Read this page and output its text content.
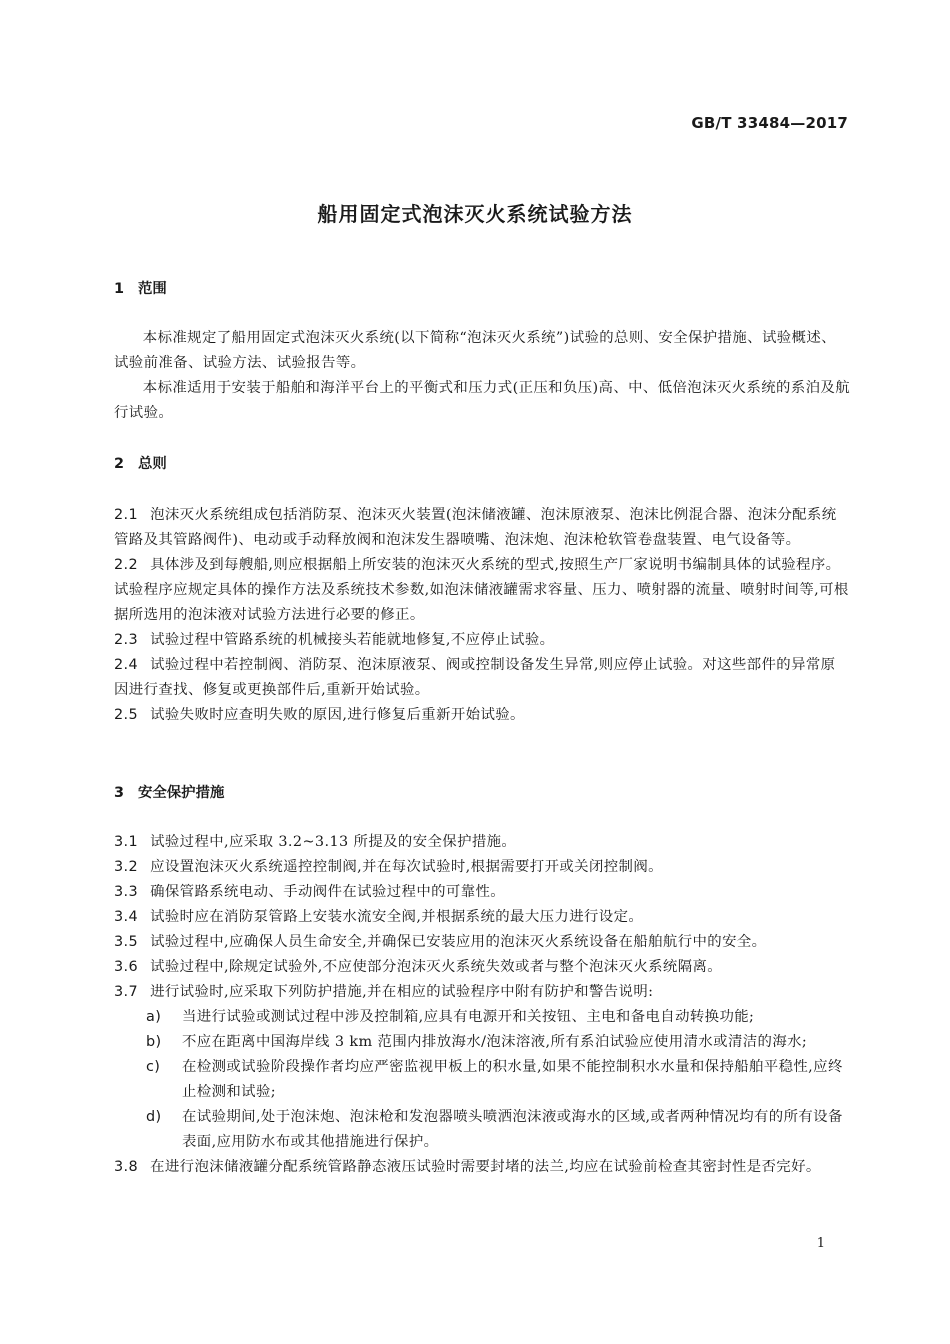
GB/T 33484—2017
船用固定式泡沫灭火系统试验方法
1 范围

本标准规定了船用固定式泡沫灭火系统(以下简称“泡沫灭火系统”)试验的总则、安全保护措施、试验概述、试验前准备、试验方法、试验报告等。

本标准适用于安装于船舶和海洋平台上的平衡式和压力式(正压和负压)高、中、低倍泡沫灭火系统的系泊及航行试验。

2 总则

2.1 泡沫灭火系统组成包括消防泵、泡沫灭火装置(泡沫储液罐、泡沫原液泵、泡沫比例混合器、泡沫分配系统管路及其管路阀件)、电动或手动释放阀和泡沫发生器喷嘴、泡沫炮、泡沫枪软管卷盘装置、电气设备等。

2.2 具体涉及到每艘船,则应根据船上所安装的泡沫灭火系统的型式,按照生产厂家说明书编制具体的试验程序。试验程序应规定具体的操作方法及系统技术参数,如泡沫储液罐需求容量、压力、喷射器的流量、喷射时间等,可根据所选用的泡沫液对试验方法进行必要的修正。

2.3 试验过程中管路系统的机械接头若能就地修复,不应停止试验。

2.4 试验过程中若控制阀、消防泵、泡沫原液泵、阀或控制设备发生异常,则应停止试验。对这些部件的异常原因进行查找、修复或更换部件后,重新开始试验。

2.5 试验失败时应查明失败的原因,进行修复后重新开始试验。

3 安全保护措施

3.1 试验过程中,应采取 3.2~3.13 所提及的安全保护措施。

3.2 应设置泡沫灭火系统遥控控制阀,并在每次试验时,根据需要打开或关闭控制阀。

3.3 确保管路系统电动、手动阀件在试验过程中的可靠性。

3.4 试验时应在消防泵管路上安装水流安全阀,并根据系统的最大压力进行设定。

3.5 试验过程中,应确保人员生命安全,并确保已安装应用的泡沫灭火系统设备在船舶航行中的安全。

3.6 试验过程中,除规定试验外,不应使部分泡沫灭火系统失效或者与整个泡沫灭火系统隔离。

3.7 进行试验时,应采取下列防护措施,并在相应的试验程序中附有防护和警告说明:

a) 当进行试验或测试过程中涉及控制箱,应具有电源开和关按钮、主电和备电自动转换功能;

b) 不应在距离中国海岸线 3 km 范围内排放海水/泡沫溶液,所有系泊试验应使用清水或清洁的海水;

c) 在检测或试验阶段操作者均应严密监视甲板上的积水量,如果不能控制积水水量和保持船舶平稳性,应终止检测和试验;

d) 在试验期间,处于泡沫炮、泡沫枪和发泡器喷头喷洒泡沫液或海水的区域,或者两种情况均有的所有设备表面,应用防水布或其他措施进行保护。

3.8 在进行泡沫储液罐分配系统管路静态液压试验时需要封堵的法兰,均应在试验前检查其密封性是否完好。

1
